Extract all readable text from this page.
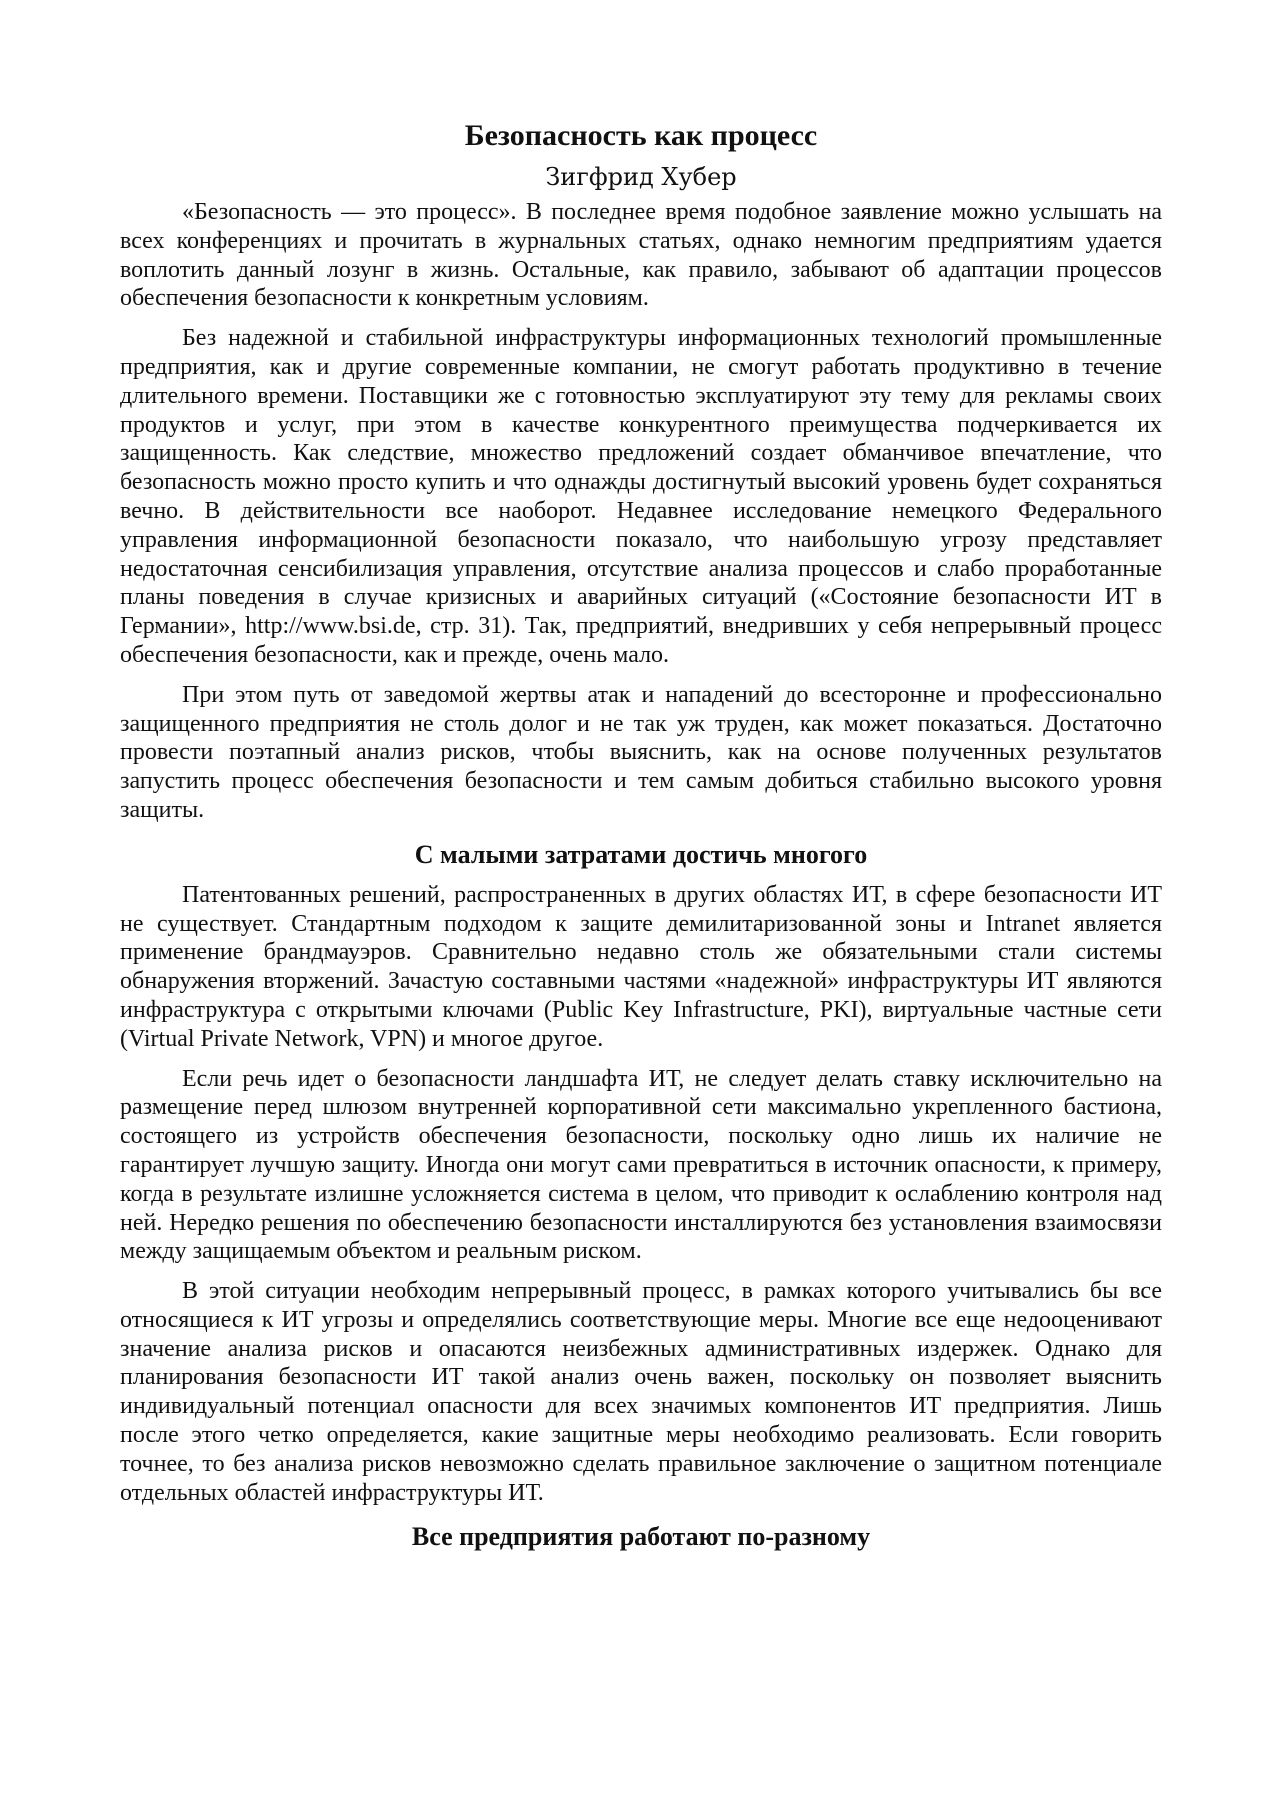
Безопасность как процесс
Зигфрид Хубер

«Безопасность — это процесс». В последнее время подобное заявление можно услышать на всех конференциях и прочитать в журнальных статьях, однако немногим предприятиям удается воплотить данный лозунг в жизнь. Остальные, как правило, забывают об адаптации процессов обеспечения безопасности к конкретным условиям.

Без надежной и стабильной инфраструктуры информационных технологий промышленные предприятия, как и другие современные компании, не смогут работать продуктивно в течение длительного времени. Поставщики же с готовностью эксплуатируют эту тему для рекламы своих продуктов и услуг, при этом в качестве конкурентного преимущества подчеркивается их защищенность. Как следствие, множество предложений создает обманчивое впечатление, что безопасность можно просто купить и что однажды достигнутый высокий уровень будет сохраняться вечно. В действительности все наоборот. Недавнее исследование немецкого Федерального управления информационной безопасности показало, что наибольшую угрозу представляет недостаточная сенсибилизация управления, отсутствие анализа процессов и слабо проработанные планы поведения в случае кризисных и аварийных ситуаций («Состояние безопасности ИТ в Германии», http://www.bsi.de, стр. 31). Так, предприятий, внедривших у себя непрерывный процесс обеспечения безопасности, как и прежде, очень мало.

При этом путь от заведомой жертвы атак и нападений до всесторонне и профессионально защищенного предприятия не столь долог и не так уж труден, как может показаться. Достаточно провести поэтапный анализ рисков, чтобы выяснить, как на основе полученных результатов запустить процесс обеспечения безопасности и тем самым добиться стабильно высокого уровня защиты.

С малыми затратами достичь многого

Патентованных решений, распространенных в других областях ИТ, в сфере безопасности ИТ не существует. Стандартным подходом к защите демилитаризованной зоны и Intranet является применение брандмауэров. Сравнительно недавно столь же обязательными стали системы обнаружения вторжений. Зачастую составными частями «надежной» инфраструктуры ИТ являются инфраструктура с открытыми ключами (Public Key Infrastructure, PKI), виртуальные частные сети (Virtual Private Network, VPN) и многое другое.

Если речь идет о безопасности ландшафта ИТ, не следует делать ставку исключительно на размещение перед шлюзом внутренней корпоративной сети максимально укрепленного бастиона, состоящего из устройств обеспечения безопасности, поскольку одно лишь их наличие не гарантирует лучшую защиту. Иногда они могут сами превратиться в источник опасности, к примеру, когда в результате излишне усложняется система в целом, что приводит к ослаблению контроля над ней. Нередко решения по обеспечению безопасности инсталлируются без установления взаимосвязи между защищаемым объектом и реальным риском.

В этой ситуации необходим непрерывный процесс, в рамках которого учитывались бы все относящиеся к ИТ угрозы и определялись соответствующие меры. Многие все еще недооценивают значение анализа рисков и опасаются неизбежных административных издержек. Однако для планирования безопасности ИТ такой анализ очень важен, поскольку он позволяет выяснить индивидуальный потенциал опасности для всех значимых компонентов ИТ предприятия. Лишь после этого четко определяется, какие защитные меры необходимо реализовать. Если говорить точнее, то без анализа рисков невозможно сделать правильное заключение о защитном потенциале отдельных областей инфраструктуры ИТ.

Все предприятия работают по-разному
